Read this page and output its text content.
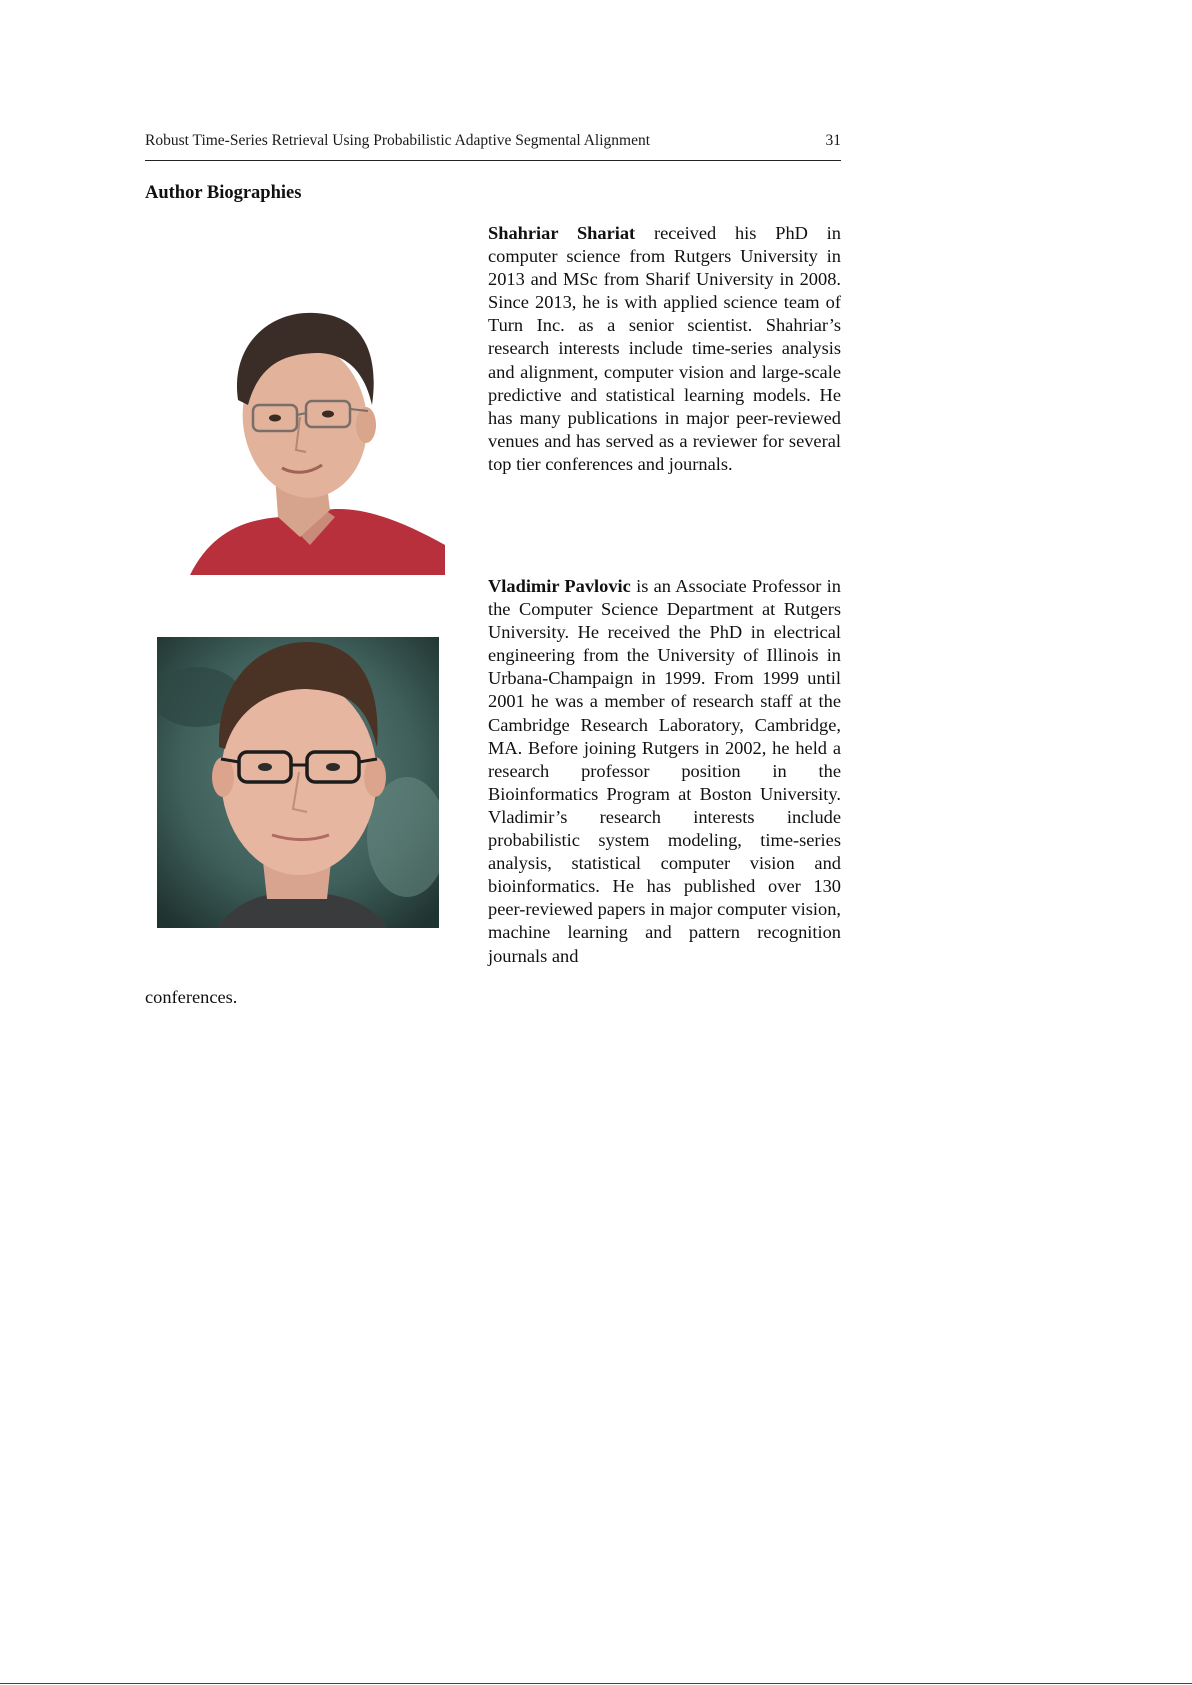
Robust Time-Series Retrieval Using Probabilistic Adaptive Segmental Alignment	31
Author Biographies
Shahriar Shariat received his PhD in computer science from Rutgers University in 2013 and MSc from Sharif University in 2008. Since 2013, he is with applied science team of Turn Inc. as a senior scientist. Shahriar’s research interests include time-series analysis and alignment, computer vision and large-scale predictive and statistical learning models. He has many publications in major peer-reviewed venues and has served as a reviewer for several top tier conferences and journals.
Vladimir Pavlovic is an Associate Professor in the Computer Science Department at Rutgers University. He received the PhD in electrical engineering from the University of Illinois in Urbana-Champaign in 1999. From 1999 until 2001 he was a member of research staff at the Cambridge Research Laboratory, Cambridge, MA. Before joining Rutgers in 2002, he held a research professor position in the Bioinformatics Program at Boston University. Vladimir’s research interests include probabilistic system modeling, time-series analysis, statistical computer vision and bioinformatics. He has published over 130 peer-reviewed papers in major computer vision, machine learning and pattern recognition journals and
conferences.
